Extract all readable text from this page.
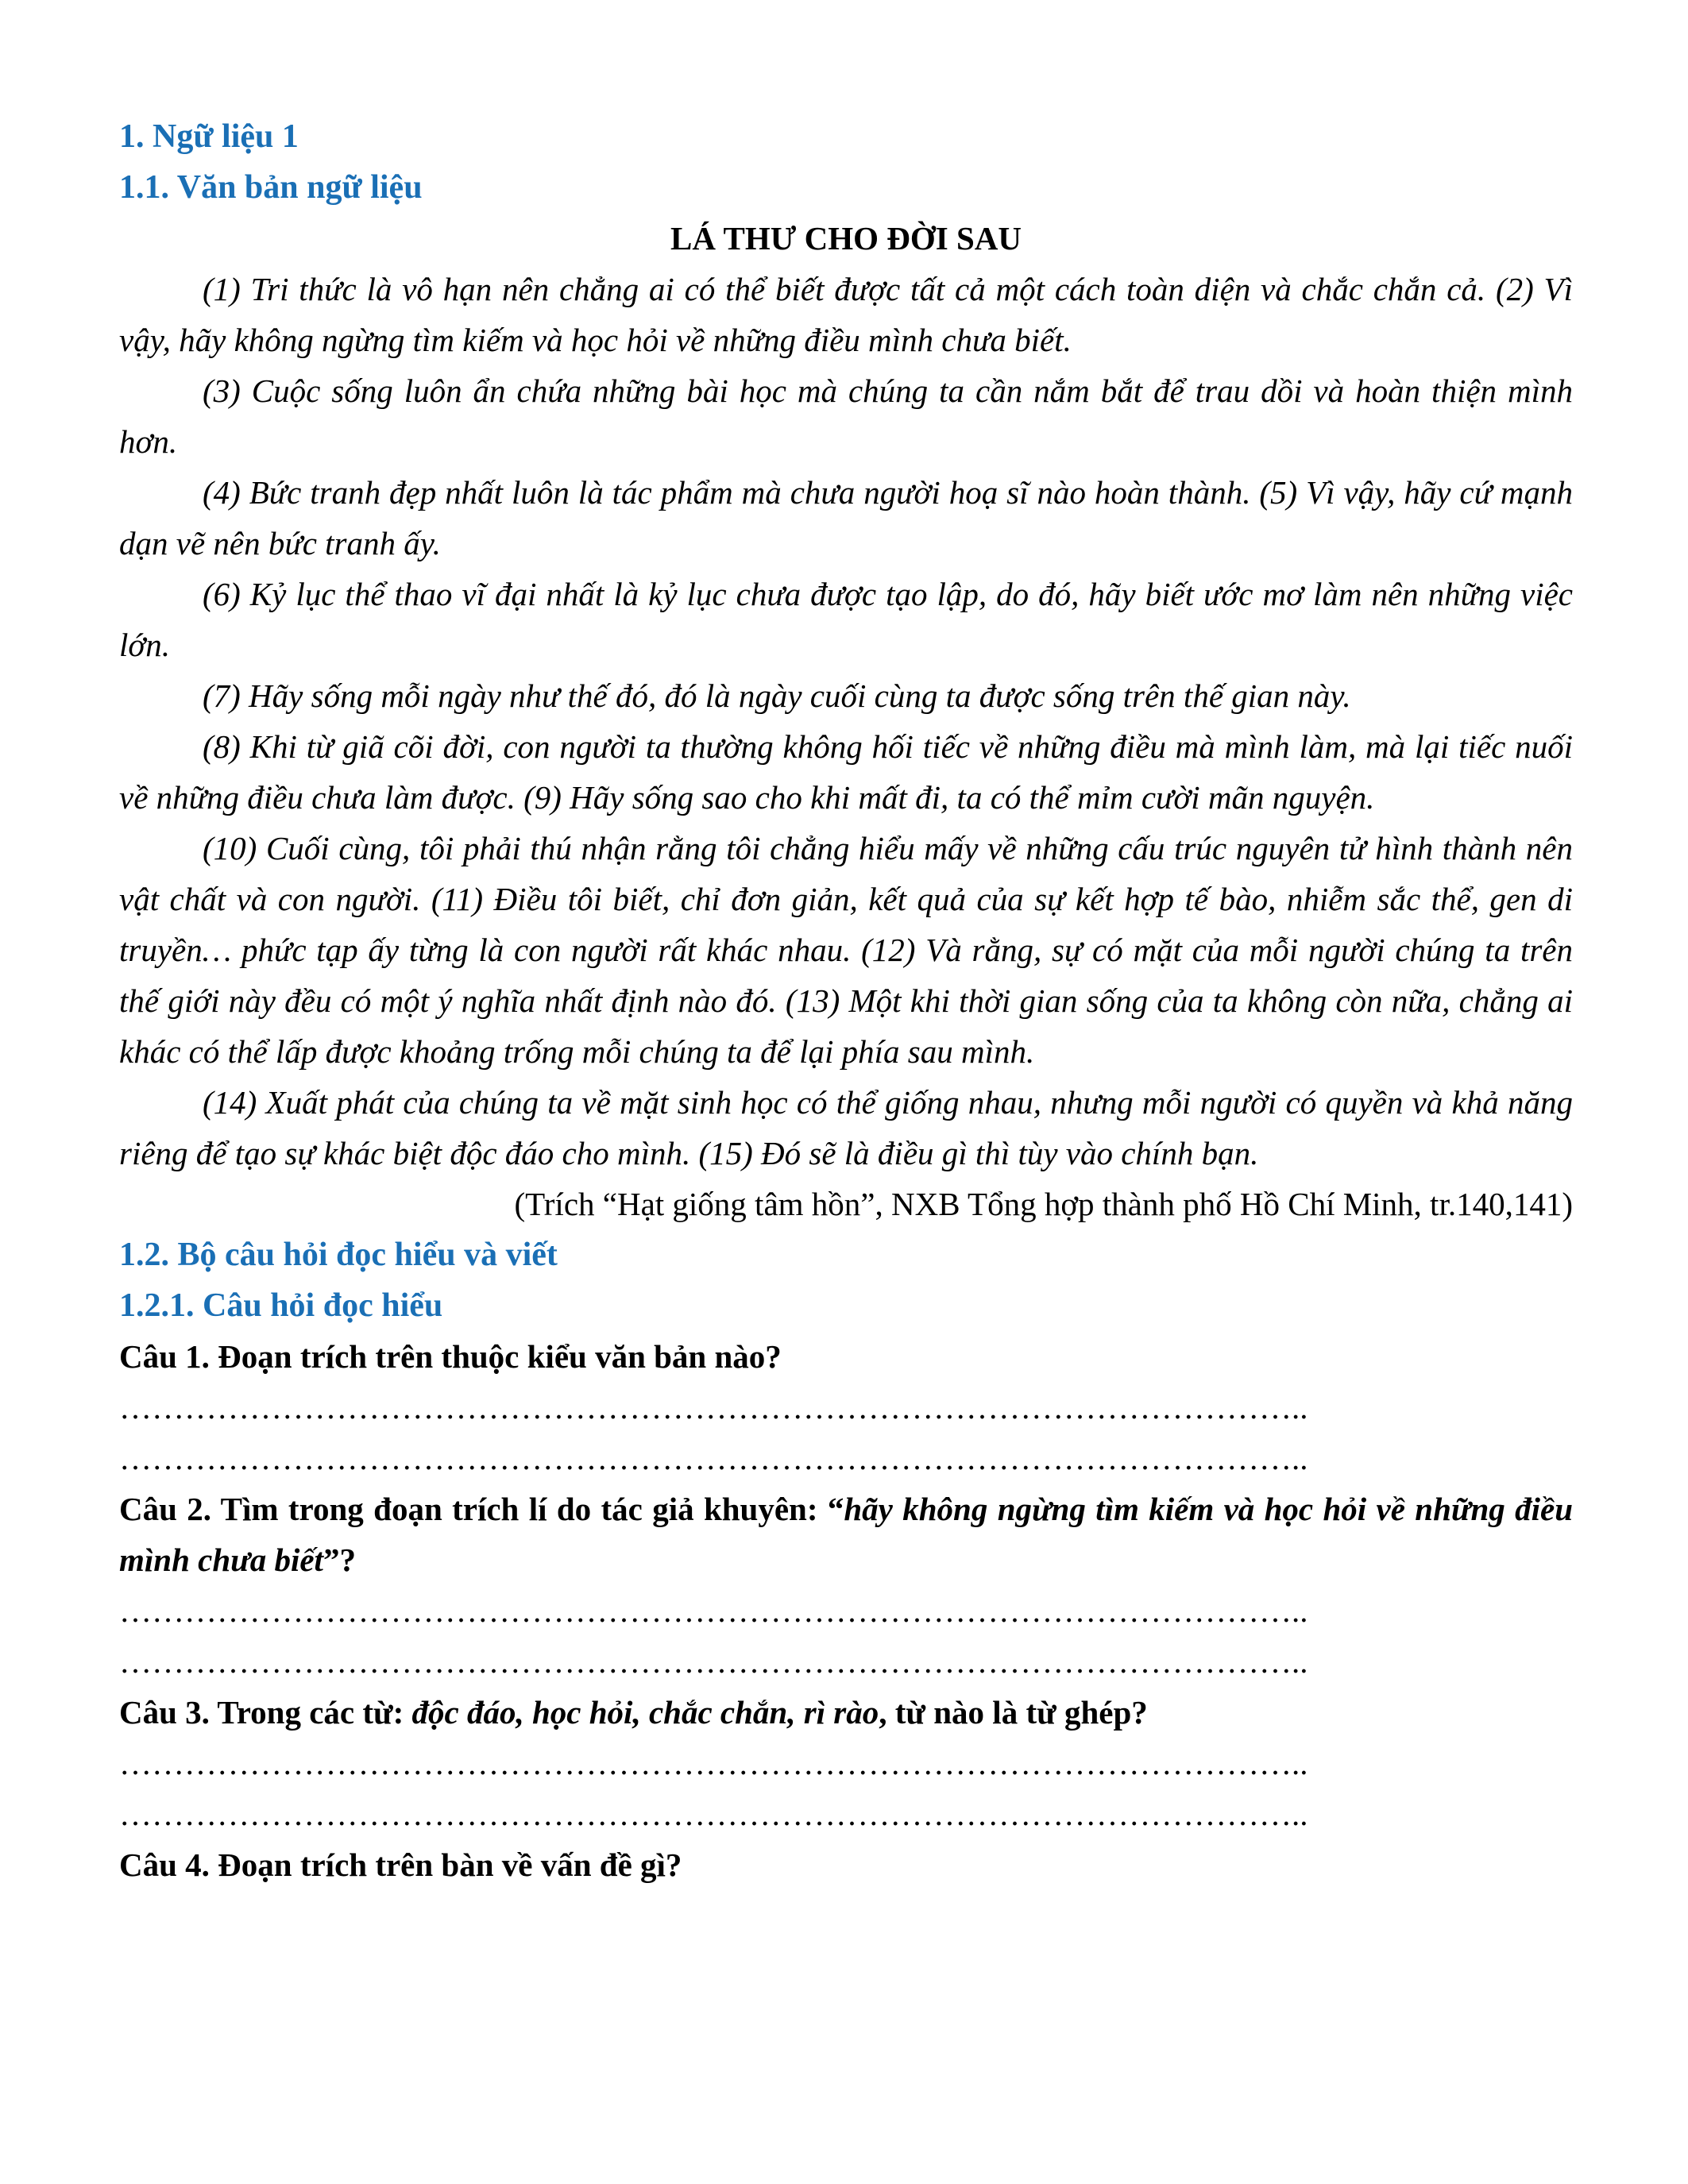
1. Ngữ liệu 1

1.1. Văn bản ngữ liệu

LÁ THƯ CHO ĐỜI SAU

(1) Tri thức là vô hạn nên chẳng ai có thể biết được tất cả một cách toàn diện và chắc chắn cả. (2) Vì vậy, hãy không ngừng tìm kiếm và học hỏi về những điều mình chưa biết.

(3) Cuộc sống luôn ẩn chứa những bài học mà chúng ta cần nắm bắt để trau dồi và hoàn thiện mình hơn.

(4) Bức tranh đẹp nhất luôn là tác phẩm mà chưa người hoạ sĩ nào hoàn thành. (5) Vì vậy, hãy cứ mạnh dạn vẽ nên bức tranh ấy.

(6) Kỷ lục thể thao vĩ đại nhất là kỷ lục chưa được tạo lập, do đó, hãy biết ước mơ làm nên những việc lớn.

(7) Hãy sống mỗi ngày như thế đó, đó là ngày cuối cùng ta được sống trên thế gian này.

(8) Khi từ giã cõi đời, con người ta thường không hối tiếc về những điều mà mình làm, mà lại tiếc nuối về những điều chưa làm được. (9) Hãy sống sao cho khi mất đi, ta có thể mỉm cười mãn nguyện.

(10) Cuối cùng, tôi phải thú nhận rằng tôi chẳng hiểu mấy về những cấu trúc nguyên tử hình thành nên vật chất và con người. (11) Điều tôi biết, chỉ đơn giản, kết quả của sự kết hợp tế bào, nhiễm sắc thể, gen di truyền… phức tạp ấy từng là con người rất khác nhau. (12) Và rằng, sự có mặt của mỗi người chúng ta trên thế giới này đều có một ý nghĩa nhất định nào đó. (13) Một khi thời gian sống của ta không còn nữa, chẳng ai khác có thể lấp được khoảng trống mỗi chúng ta để lại phía sau mình.

(14) Xuất phát của chúng ta về mặt sinh học có thể giống nhau, nhưng mỗi người có quyền và khả năng riêng để tạo sự khác biệt độc đáo cho mình. (15) Đó sẽ là điều gì thì tùy vào chính bạn.

(Trích “Hạt giống tâm hồn”, NXB Tổng hợp thành phố Hồ Chí Minh, tr.140,141)

1.2. Bộ câu hỏi đọc hiểu và viết

1.2.1. Câu hỏi đọc hiểu

Câu 1. Đoạn trích trên thuộc kiểu văn bản nào?

………………………………………………………………………………………………..

………………………………………………………………………………………………..

Câu 2. Tìm trong đoạn trích lí do tác giả khuyên: “hãy không ngừng tìm kiếm và học hỏi về những điều mình chưa biết”?

………………………………………………………………………………………………..

………………………………………………………………………………………………..

Câu 3. Trong các từ: độc đáo, học hỏi, chắc chắn, rì rào, từ nào là từ ghép?

………………………………………………………………………………………………..

………………………………………………………………………………………………..

Câu 4. Đoạn trích trên bàn về vấn đề gì?
